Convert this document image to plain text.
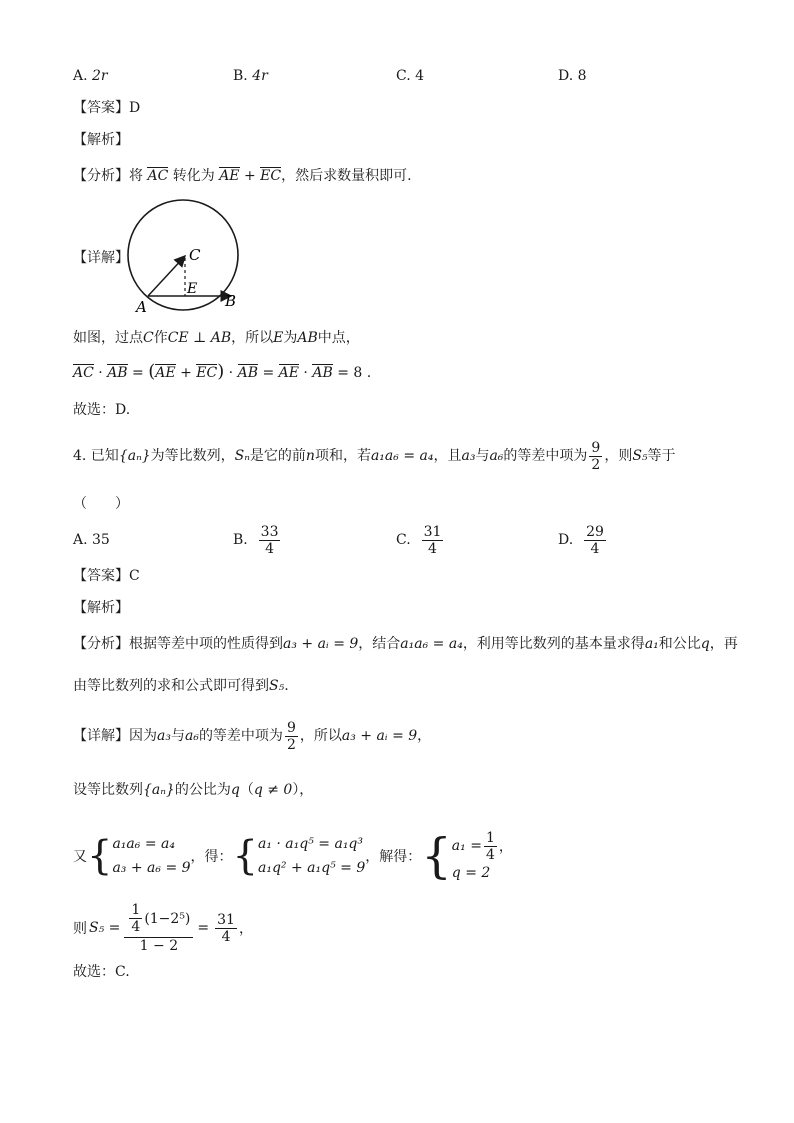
A. 2r	B. 4r	C. 4	D. 8
【答案】D
【解析】
【分析】将 AC 转化为 AE + EC，然后求数量积即可.
【详解】	C
E
A	B
如图，过点C作CE ⊥ AB，所以E为AB中点，
AC · AB = (AE + EC) · AB = AE · AB = 8 .
故选：D.
4.
已知 {aₙ} 为等比数列， Sₙ 是它的前 n 项和，若 a₁a₆ = a₄ ，且 a₃ 与 a₆ 的等差中项为 $\frac{9}{2}$ ，则 S₅ 等于
（　　）
A. 35	B.
$\frac{33}{4}$	C.
$\frac{31}{4}$	D.
$\frac{29}{4}$
【答案】C
【解析】
【分析】根据等差中项的性质得到a₃ + aᵢ = 9，结合a₁a₆ = a₄，利用等比数列的基本量求得a₁和公比q，再
由等比数列的求和公式即可得到S₅.
【详解】 因为 a₃ 与 a₆ 的等差中项为 $\frac{9}{2}$ ，所以 a₃ + aᵢ = 9 ，
设等比数列{aₙ}的公比为q（q ≠ 0），
又 { a₁a₆ = a₄
a₃ + a₆ = 9
，得： { a₁ · a₁q⁵ = a₁q³
a₁q² + a₁q⁵ = 9
，解得： { $a_1 = \frac{1}{4}$ ，
q = 2
则 $S_5 = \frac{\frac{1}{4} (1-2^5)}{1 - 2} = \frac{31}{4}$ ，
故选：C.
